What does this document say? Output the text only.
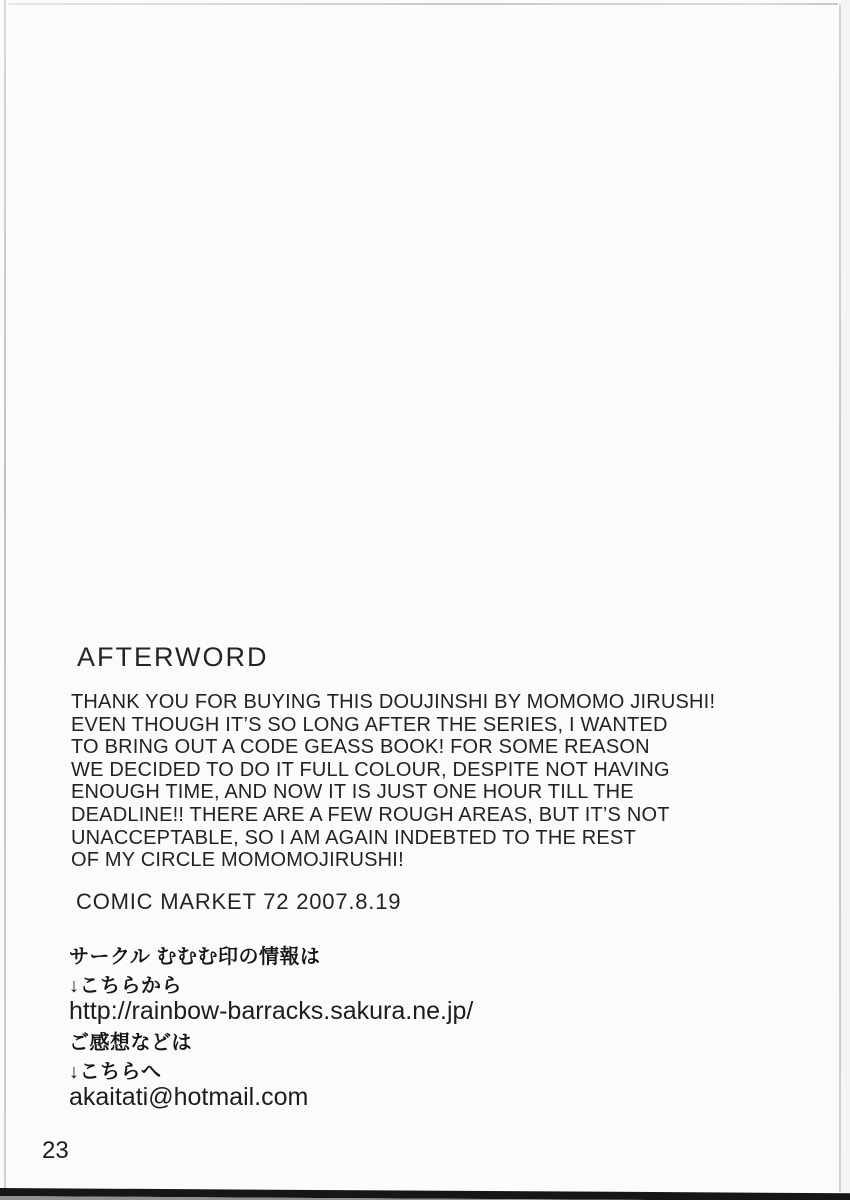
AFTERWORD
THANK YOU FOR BUYING THIS DOUJINSHI BY MOMOMO JIRUSHI!
EVEN THOUGH IT’S SO LONG AFTER THE SERIES, I WANTED
TO BRING OUT A CODE GEASS BOOK! FOR SOME REASON
WE DECIDED TO DO IT FULL COLOUR, DESPITE NOT HAVING
ENOUGH TIME, AND NOW IT IS JUST ONE HOUR TILL THE
DEADLINE!! THERE ARE A FEW ROUGH AREAS, BUT IT’S NOT
UNACCEPTABLE, SO I AM AGAIN INDEBTED TO THE REST
OF MY CIRCLE MOMOMOJIRUSHI!
COMIC MARKET 72 2007.8.19
サークル むむむ印の情報は
↓こちらから
http://rainbow-barracks.sakura.ne.jp/
ご感想などは
↓こちらへ
akaitati@hotmail.com
23
